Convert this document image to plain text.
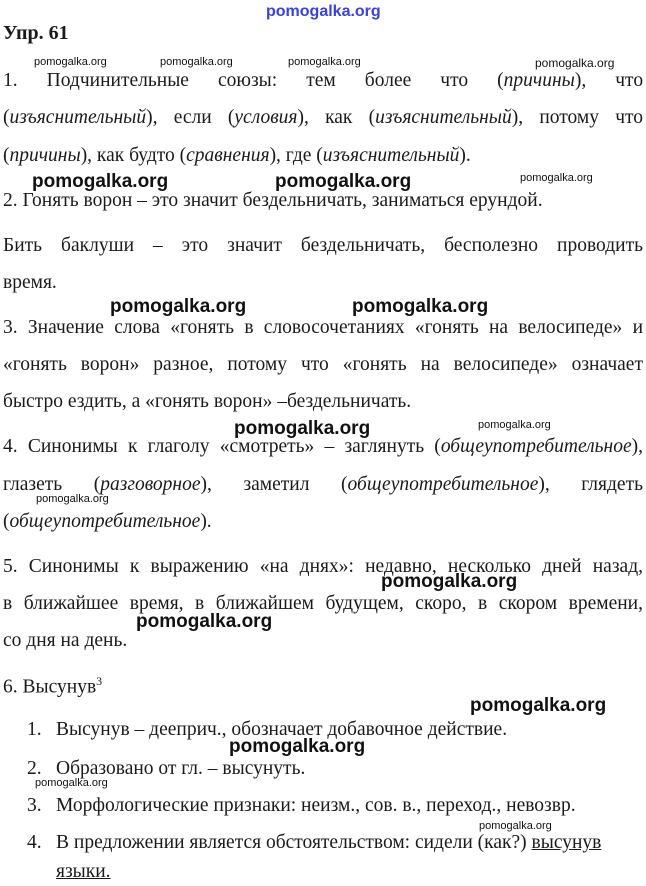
pomogalka.org
pomogalka.org	pomogalka.org	pomogalka.org	pomogalka.org
pomogalka.org	pomogalka.org	pomogalka.org
pomogalka.org	pomogalka.org
pomogalka.org	pomogalka.org
pomogalka.org
pomogalka.org
pomogalka.org
pomogalka.org
pomogalka.org
pomogalka.org
pomogalka.org
Упр. 61
1. Подчинительные союзы: тем более что (причины), что
(изъяснительный), если (условия), как (изъяснительный), потому что
(причины), как будто (сравнения), где (изъяснительный).
2. Гонять ворон – это значит бездельничать, заниматься ерундой.
Бить баклуши – это значит бездельничать, бесполезно проводить
время.
3. Значение слова «гонять в словосочетаниях «гонять на велосипеде» и
«гонять ворон» разное, потому что «гонять на велосипеде» означает
быстро ездить, а «гонять ворон» –бездельничать.
4. Синонимы к глаголу «смотреть» – заглянуть (общеупотребительное),
глазеть (разговорное), заметил (общеупотребительное), глядеть
(общеупотребительное).
5. Синонимы к выражению «на днях»: недавно, несколько дней назад,
в ближайшее время, в ближайшем будущем, скоро, в скором времени,
со дня на день.
6. Высунув$^3$
1. Высунув – дееприч., обозначает добавочное действие.
2. Образовано от гл. – высунуть.
3. Морфологические признаки: неизм., сов. в., переход., невозвр.
4. В предложении является обстоятельством: сидели (как?) высунув
языки.
